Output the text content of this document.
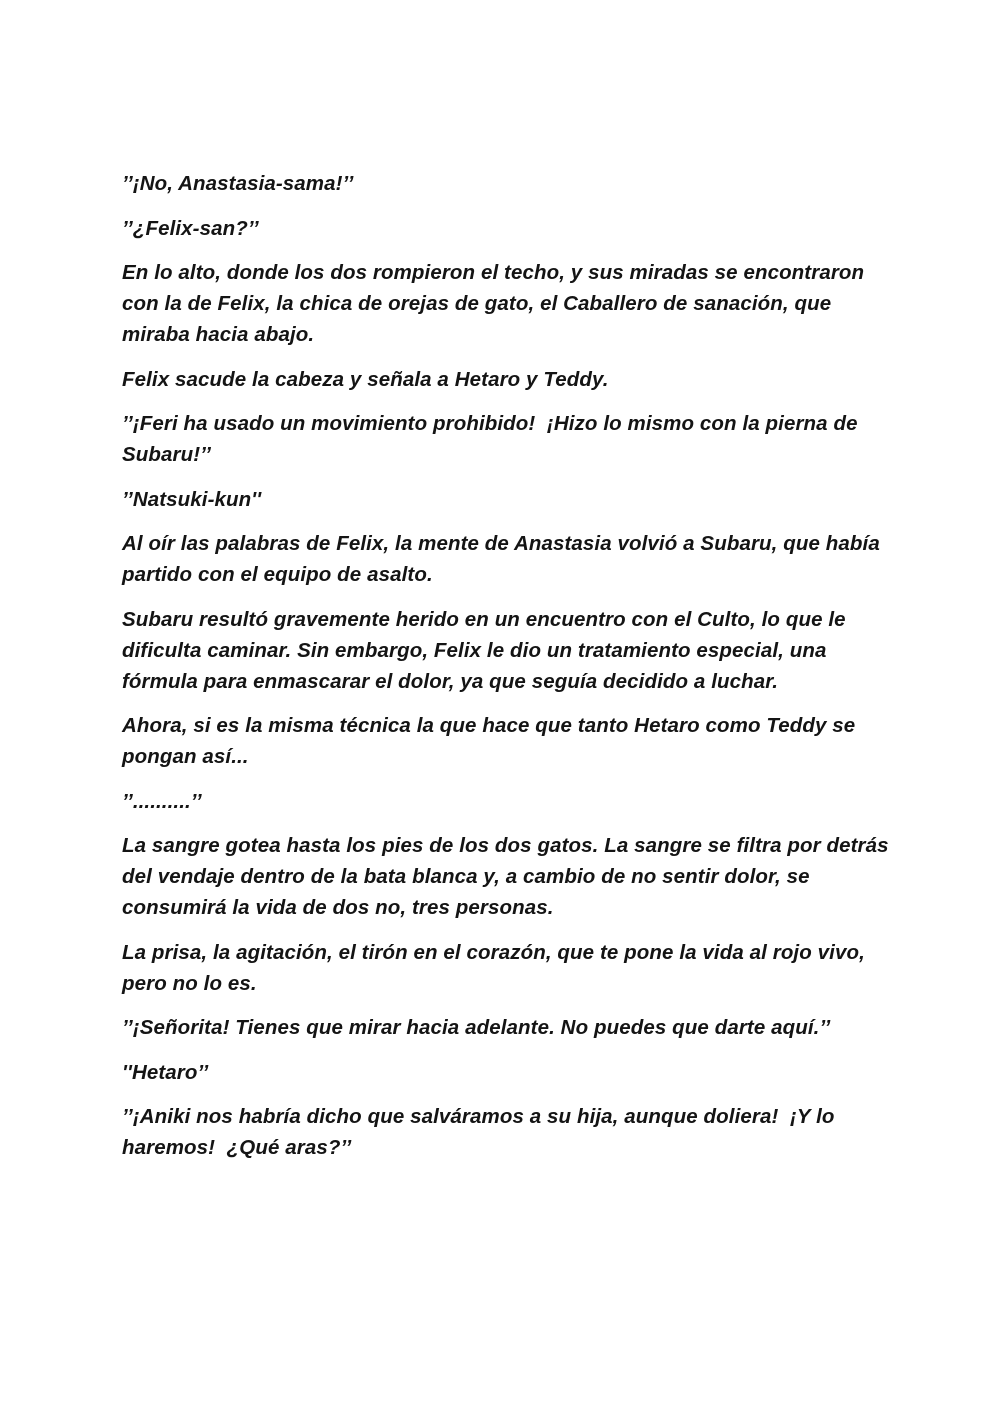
’’¡No, Anastasia-sama!’’

’’¿Felix-san?’’

En lo alto, donde los dos rompieron el techo, y sus miradas se encontraron con la de Felix, la chica de orejas de gato, el Caballero de sanación, que miraba hacia abajo.

Felix sacude la cabeza y señala a Hetaro y Teddy.

’’¡Feri ha usado un movimiento prohibido!  ¡Hizo lo mismo con la pierna de Subaru!’’

’’Natsuki-kun''

Al oír las palabras de Felix, la mente de Anastasia volvió a Subaru, que había partido con el equipo de asalto.

Subaru resultó gravemente herido en un encuentro con el Culto, lo que le dificulta caminar. Sin embargo, Felix le dio un tratamiento especial, una fórmula para enmascarar el dolor, ya que seguía decidido a luchar.

Ahora, si es la misma técnica la que hace que tanto Hetaro como Teddy se pongan así...

’’..........’’

La sangre gotea hasta los pies de los dos gatos. La sangre se filtra por detrás del vendaje dentro de la bata blanca y, a cambio de no sentir dolor, se consumirá la vida de dos no, tres personas.

La prisa, la agitación, el tirón en el corazón, que te pone la vida al rojo vivo, pero no lo es.

’’¡Señorita! Tienes que mirar hacia adelante. No puedes que darte aquí.’’

''Hetaro’’

’’¡Aniki nos habría dicho que salváramos a su hija, aunque doliera!  ¡Y lo haremos!  ¿Qué aras?’’
